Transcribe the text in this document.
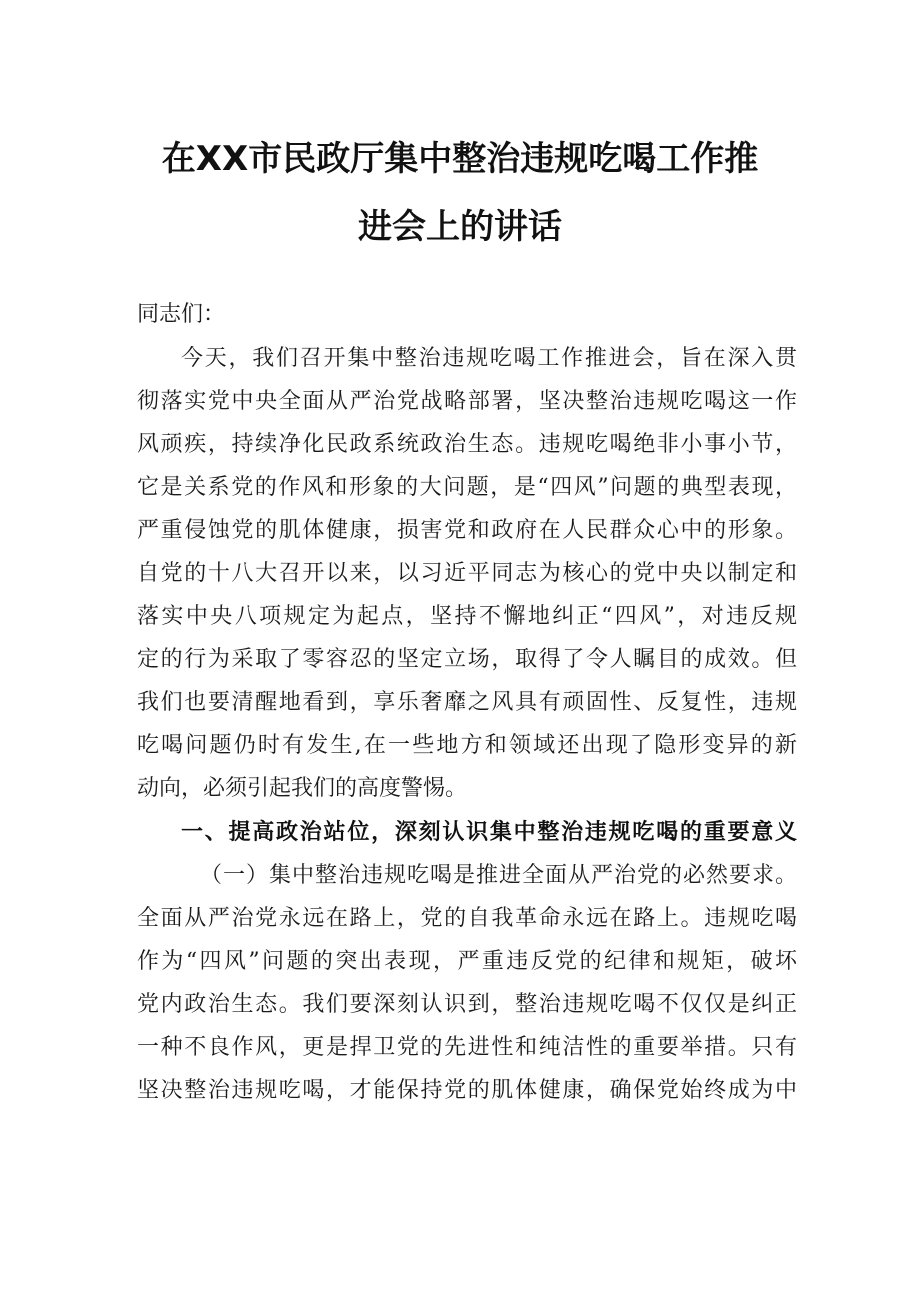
在XX市民政厅集中整治违规吃喝工作推
进会上的讲话
同志们：
今天，我们召开集中整治违规吃喝工作推进会，旨在深入贯
彻落实党中央全面从严治党战略部署，坚决整治违规吃喝这一作
风顽疾，持续净化民政系统政治生态。违规吃喝绝非小事小节，
它是关系党的作风和形象的大问题，是“四风”问题的典型表现，
严重侵蚀党的肌体健康，损害党和政府在人民群众心中的形象。
自党的十八大召开以来，以习近平同志为核心的党中央以制定和
落实中央八项规定为起点，坚持不懈地纠正“四风”，对违反规
定的行为采取了零容忍的坚定立场，取得了令人瞩目的成效。但
我们也要清醒地看到，享乐奢靡之风具有顽固性、反复性，违规
吃喝问题仍时有发生,在一些地方和领域还出现了隐形变异的新
动向，必须引起我们的高度警惕。
一、提高政治站位，深刻认识集中整治违规吃喝的重要意义
（一）集中整治违规吃喝是推进全面从严治党的必然要求。
全面从严治党永远在路上，党的自我革命永远在路上。违规吃喝
作为“四风”问题的突出表现，严重违反党的纪律和规矩，破坏
党内政治生态。我们要深刻认识到，整治违规吃喝不仅仅是纠正
一种不良作风，更是捍卫党的先进性和纯洁性的重要举措。只有
坚决整治违规吃喝，才能保持党的肌体健康，确保党始终成为中
